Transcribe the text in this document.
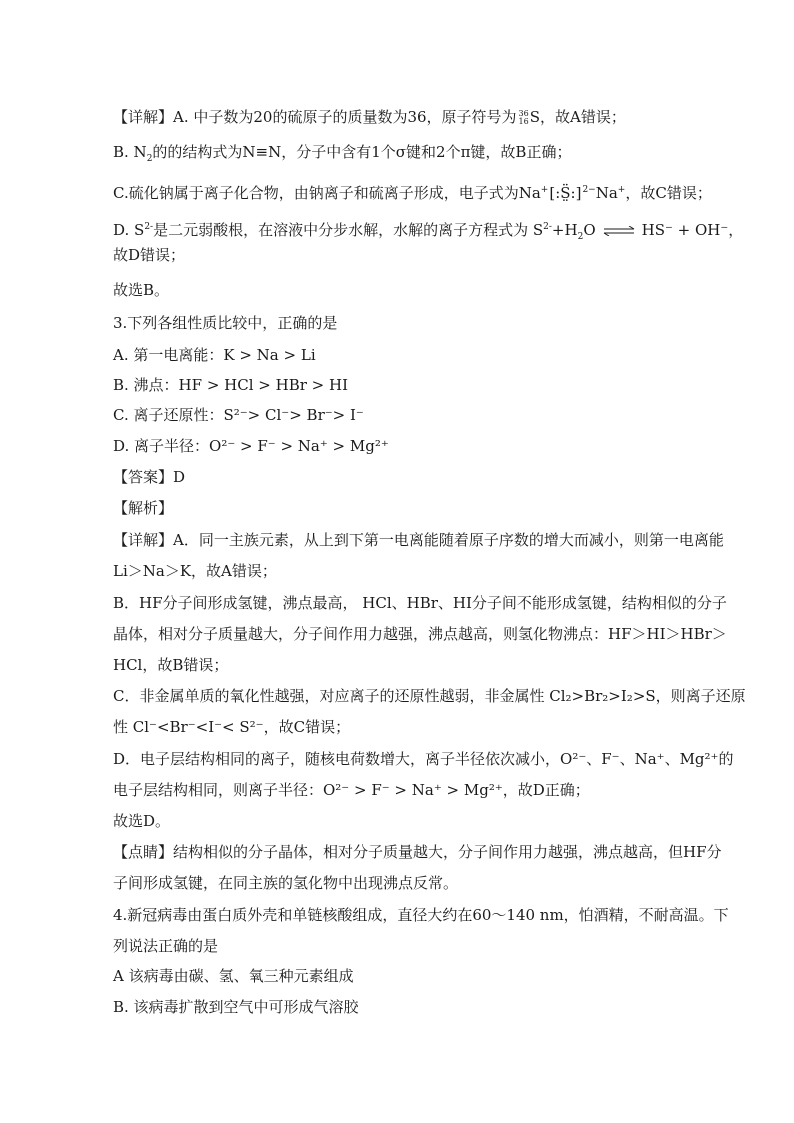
【详解】A. 中子数为20的硫原子的质量数为36，原子符号为 36
16 S，故A错误；
B. $N_2$的的结构式为N≡N，分子中含有1个σ键和2个π键，故B正确；
C.硫化钠属于离子化合物，由钠离子和硫离子形成，电子式为Na+[:S̤̈:]$^{2-}$Na+，故C错误；
D. $S^{2-}$是二元弱酸根，在溶液中分步水解，水解的离子方程式为 $S^{2-}+H_2O$ ⇌ HS⁻ + OH⁻，
故D错误；
故选B。
3.下列各组性质比较中，正确的是
A. 第一电离能：K > Na > Li
B. 沸点：HF > HCl > HBr > HI
C. 离子还原性：S²⁻> Cl⁻> Br⁻> I⁻
D. 离子半径：O²⁻ > F⁻ > Na⁺ > Mg²⁺
【答案】D
【解析】
【详解】A．同一主族元素，从上到下第一电离能随着原子序数的增大而减小，则第一电离能
Li＞Na＞K，故A错误；
B．HF分子间形成氢键，沸点最高， HCl、HBr、HI分子间不能形成氢键，结构相似的分子
晶体，相对分子质量越大，分子间作用力越强，沸点越高，则氢化物沸点：HF＞HI＞HBr＞
HCl，故B错误；
C．非金属单质的氧化性越强，对应离子的还原性越弱，非金属性 Cl₂>Br₂>I₂>S，则离子还原
性 Cl⁻<Br⁻<I⁻< S²⁻，故C错误；
D．电子层结构相同的离子，随核电荷数增大，离子半径依次减小，O²⁻、F⁻、Na⁺、Mg²⁺的
电子层结构相同，则离子半径：O²⁻ > F⁻ > Na⁺ > Mg²⁺，故D正确；
故选D。
【点睛】结构相似的分子晶体，相对分子质量越大，分子间作用力越强，沸点越高，但HF分
子间形成氢键，在同主族的氢化物中出现沸点反常。
4.新冠病毒由蛋白质外壳和单链核酸组成，直径大约在60～140 nm，怕酒精，不耐高温。下
列说法正确的是
A 该病毒由碳、氢、氧三种元素组成
B. 该病毒扩散到空气中可形成气溶胶
